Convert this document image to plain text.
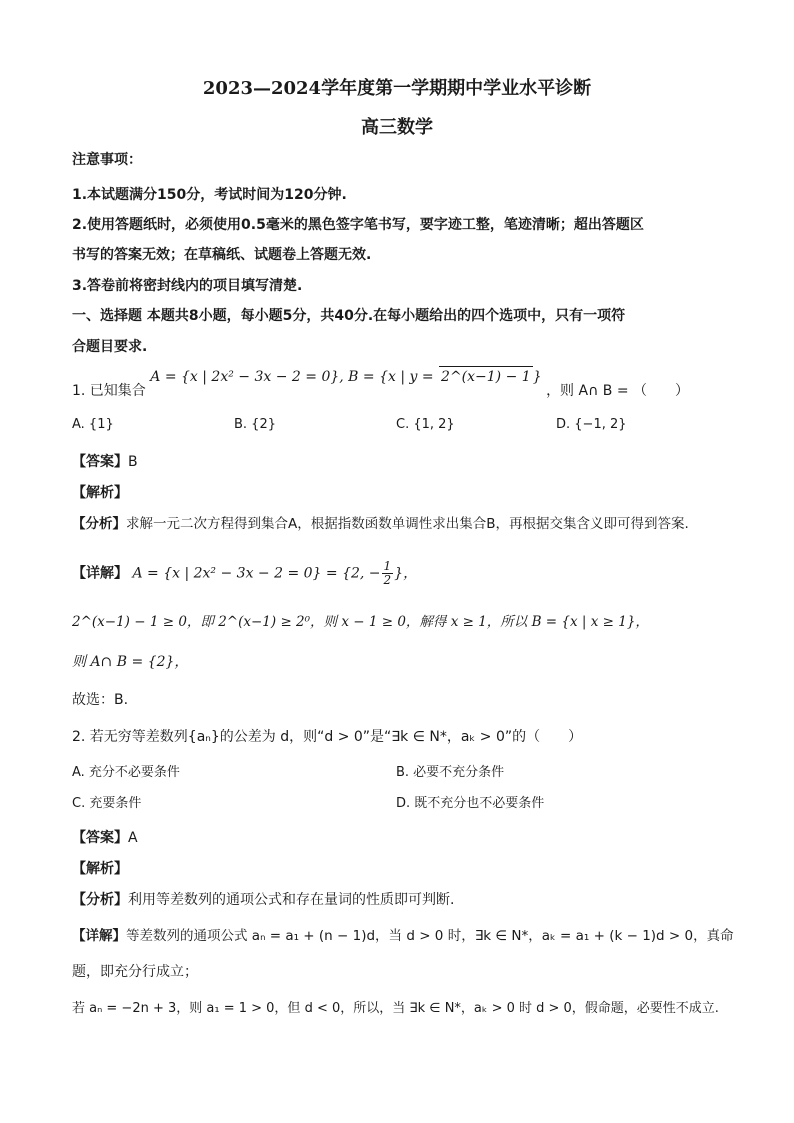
2023—2024学年度第一学期期中学业水平诊断
高三数学
注意事项：
1.本试题满分150分，考试时间为120分钟.
2.使用答题纸时，必须使用0.5毫米的黑色签字笔书写，要字迹工整，笔迹清晰；超出答题区
书写的答案无效；在草稿纸、试题卷上答题无效.
3.答卷前将密封线内的项目填写清楚.
一、选择题 本题共8小题，每小题5分，共40分.在每小题给出的四个选项中，只有一项符
合题目要求.
1. 已知集合 A = {x | 2x² − 3x − 2 = 0}, B = {x | y = 2^(x−1) − 1 } ，则 A∩ B = （　　）
A. {1}	B. {2}	C. {1, 2}	D. {−1, 2}
【答案】B
【解析】
【分析】求解一元二次方程得到集合A，根据指数函数单调性求出集合B，再根据交集含义即可得到答案.
【详解】 A = {x | 2x² − 3x − 2 = 0} = {2, − $\frac{1}{2}$ }，
2^(x−1) − 1 ≥ 0，即 2^(x−1) ≥ 2⁰，则 x − 1 ≥ 0，解得 x ≥ 1，所以 B = {x | x ≥ 1}，
则 A∩ B = {2}，
故选：B.
2. 若无穷等差数列{aₙ}的公差为 d，则“d > 0”是“∃k ∈ N*，aₖ > 0”的（　　）
A. 充分不必要条件	B. 必要不充分条件
C. 充要条件	D. 既不充分也不必要条件
【答案】A
【解析】
【分析】利用等差数列的通项公式和存在量词的性质即可判断.
【详解】等差数列的通项公式 aₙ = a₁ + (n − 1)d，当 d > 0 时，∃k ∈ N*，aₖ = a₁ + (k − 1)d > 0，真命
题，即充分行成立；
若 aₙ = −2n + 3，则 a₁ = 1 > 0，但 d < 0，所以，当 ∃k ∈ N*，aₖ > 0 时 d > 0，假命题，必要性不成立.
